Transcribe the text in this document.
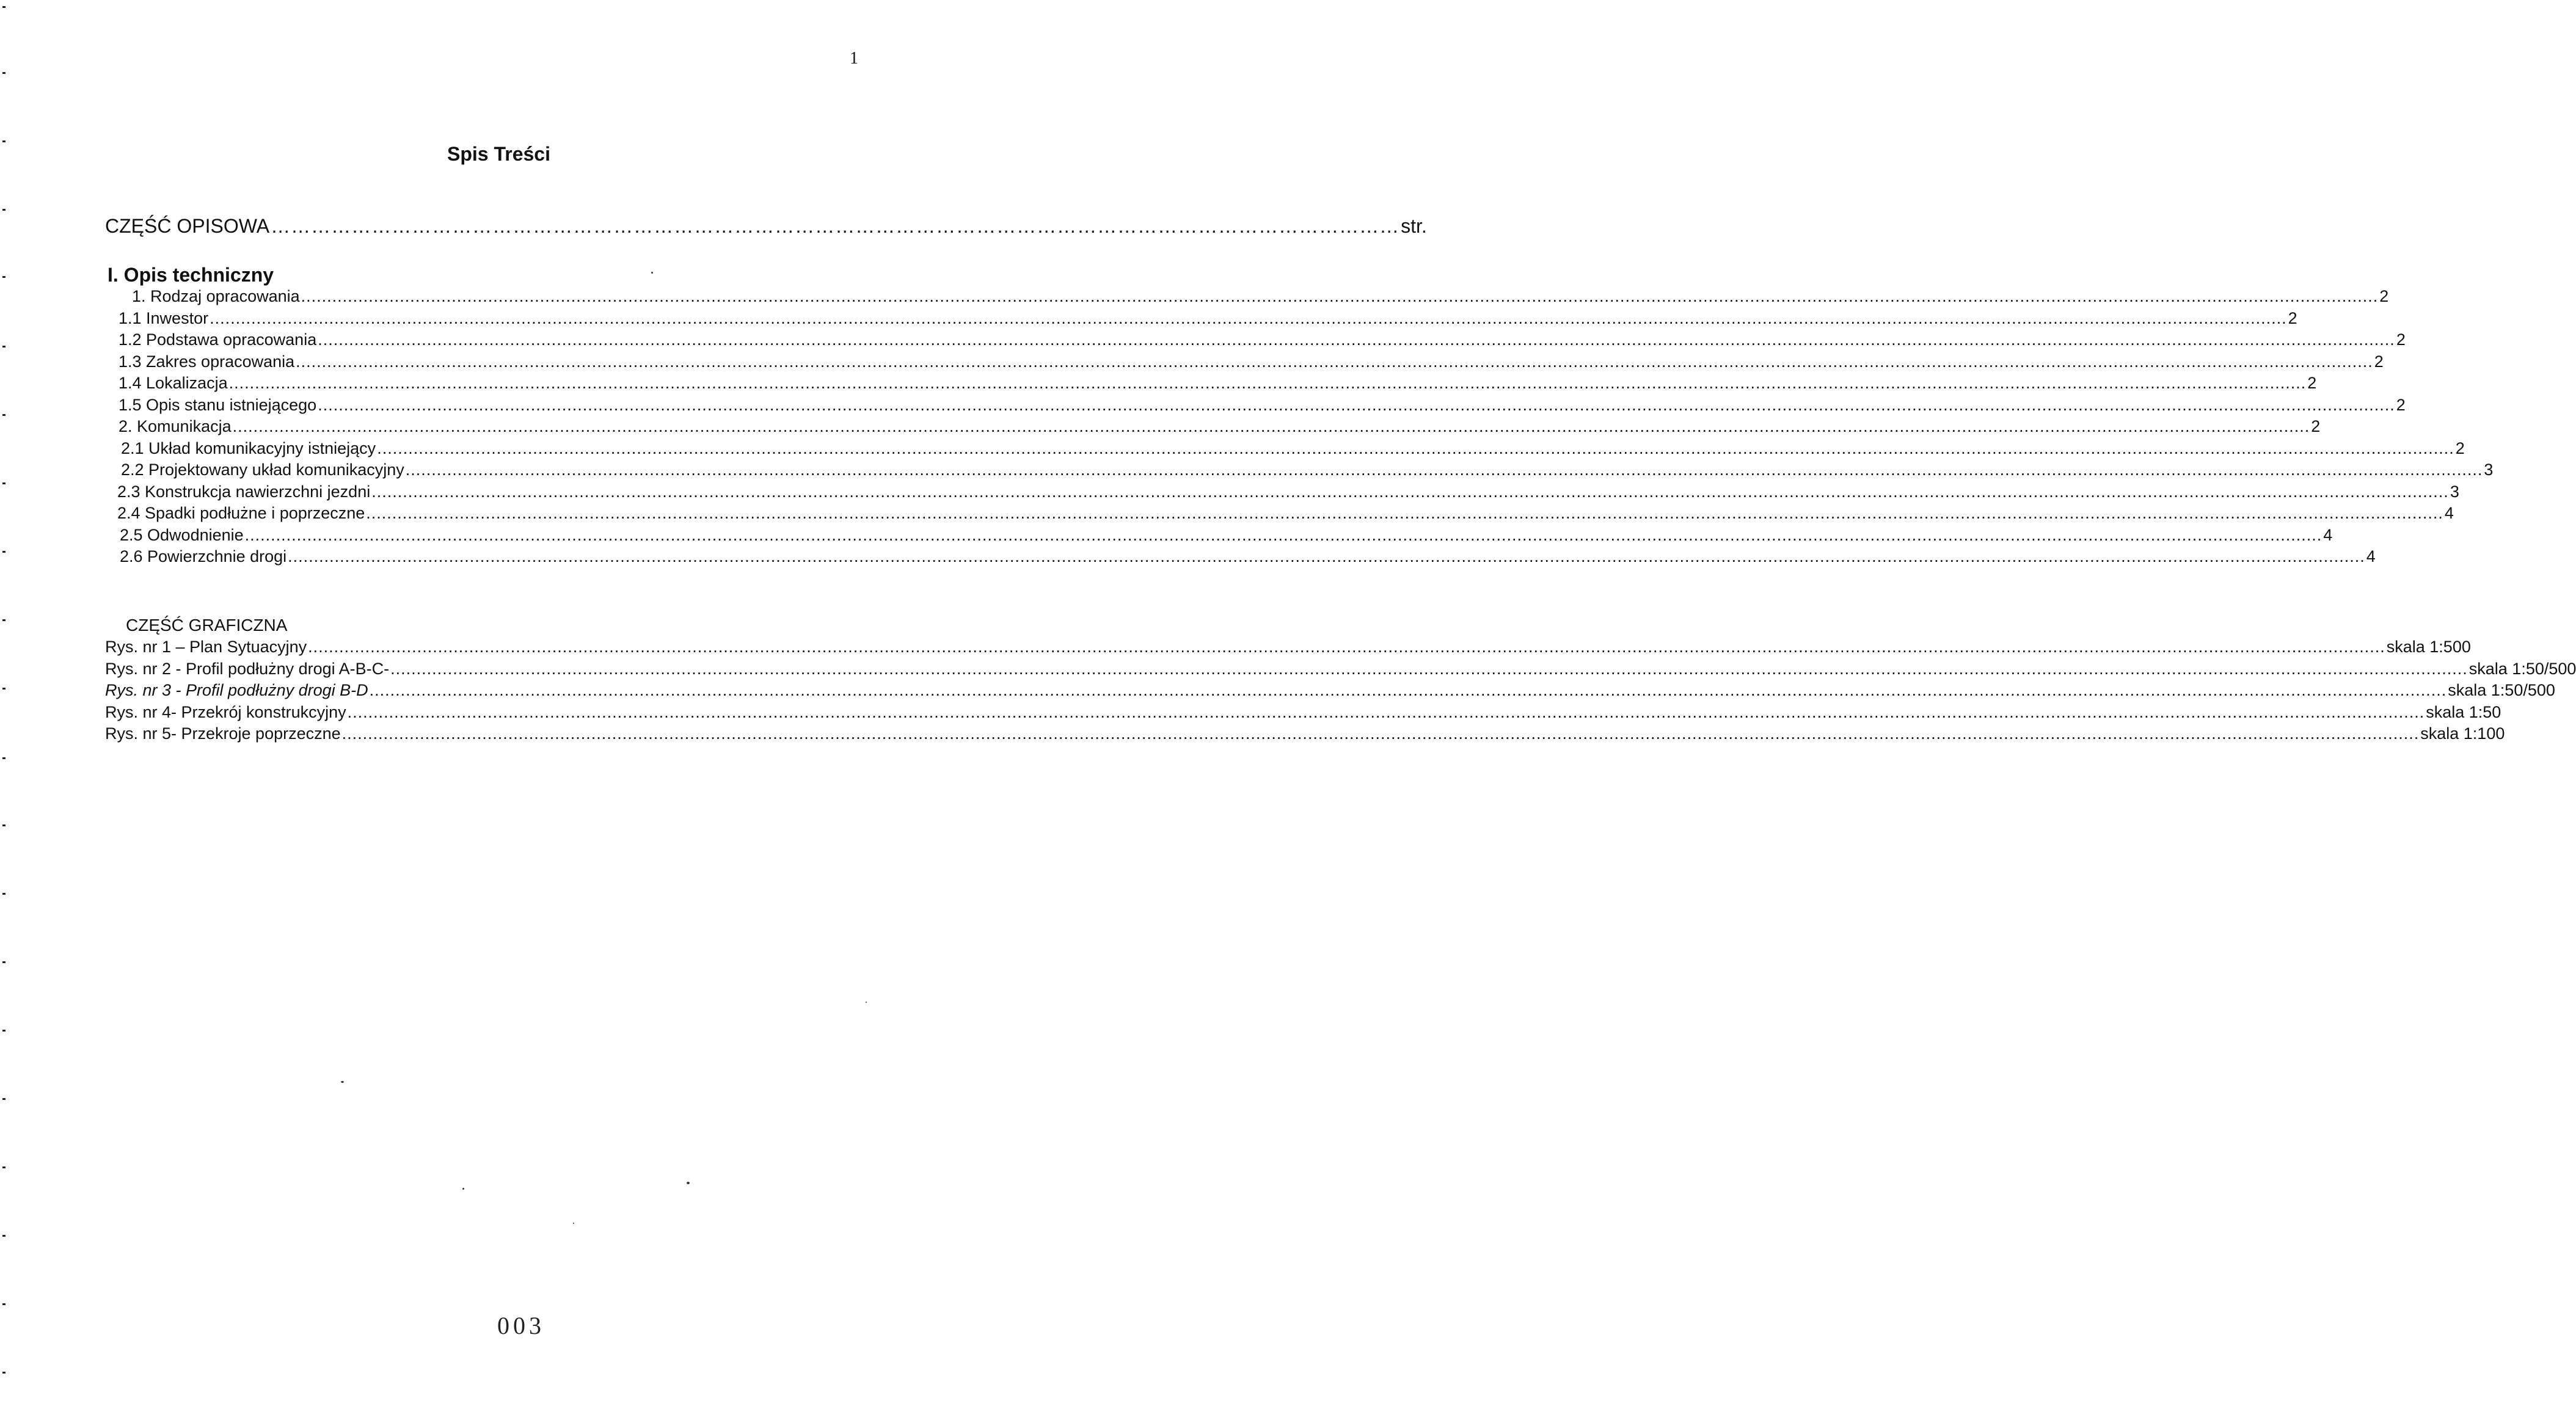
1
Spis Treści
CZĘŚĆ OPISOWA …………………………………………………………………………………………………………………………………………………… str.
I. Opis techniczny
1. Rodzaj opracowania ................................................................................................................................................................................................................................................................................................................................................................................................................ 2
1.1 Inwestor ................................................................................................................................................................................................................................................................................................................................................................................................................ 2
1.2 Podstawa opracowania ................................................................................................................................................................................................................................................................................................................................................................................................................ 2
1.3 Zakres opracowania ................................................................................................................................................................................................................................................................................................................................................................................................................ 2
1.4 Lokalizacja ................................................................................................................................................................................................................................................................................................................................................................................................................ 2
1.5 Opis stanu istniejącego ................................................................................................................................................................................................................................................................................................................................................................................................................ 2
2. Komunikacja ................................................................................................................................................................................................................................................................................................................................................................................................................ 2
2.1 Układ komunikacyjny istniejący ................................................................................................................................................................................................................................................................................................................................................................................................................ 2
2.2 Projektowany układ komunikacyjny ................................................................................................................................................................................................................................................................................................................................................................................................................ 3
2.3 Konstrukcja nawierzchni jezdni ................................................................................................................................................................................................................................................................................................................................................................................................................ 3
2.4 Spadki podłużne i poprzeczne ................................................................................................................................................................................................................................................................................................................................................................................................................ 4
2.5 Odwodnienie ................................................................................................................................................................................................................................................................................................................................................................................................................ 4
2.6 Powierzchnie drogi ................................................................................................................................................................................................................................................................................................................................................................................................................ 4
CZĘŚĆ GRAFICZNA
Rys. nr 1 – Plan Sytuacyjny ................................................................................................................................................................................................................................................................................................................................................................................................................ skala 1:500
Rys. nr 2 - Profil podłużny drogi A-B-C- ................................................................................................................................................................................................................................................................................................................................................................................................................ skala 1:50/500
Rys. nr 3 - Profil podłużny drogi B-D ................................................................................................................................................................................................................................................................................................................................................................................................................ skala 1:50/500
Rys. nr 4- Przekrój konstrukcyjny ................................................................................................................................................................................................................................................................................................................................................................................................................ skala 1:50
Rys. nr 5- Przekroje poprzeczne ................................................................................................................................................................................................................................................................................................................................................................................................................ skala 1:100
003
